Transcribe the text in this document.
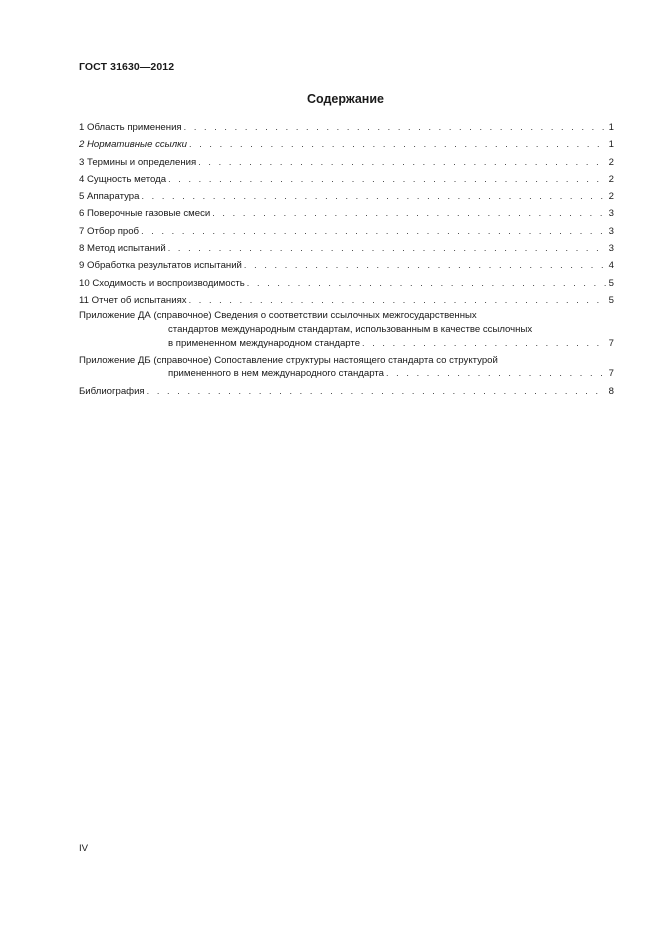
ГОСТ 31630—2012
Содержание
1 Область применения . . .	1
2 Нормативные ссылки . . .	1
3 Термины и определения . . .	2
4 Сущность метода . . .	2
5 Аппаратура . . .	2
6 Поверочные газовые смеси . . .	3
7 Отбор проб . . .	3
8 Метод испытаний . . .	3
9 Обработка результатов испытаний . . .	4
10 Сходимость и воспроизводимость . . .	5
11 Отчет об испытаниях . . .	5
Приложение ДА (справочное) Сведения о соответствии ссылочных межгосударственных
стандартов международным стандартам, использованным в качестве ссылочных
в примененном международном стандарте . . .	7
Приложение ДБ (справочное) Сопоставление структуры настоящего стандарта со структурой
примененного в нем международного стандарта . . .	7
Библиография . . .	8
IV
